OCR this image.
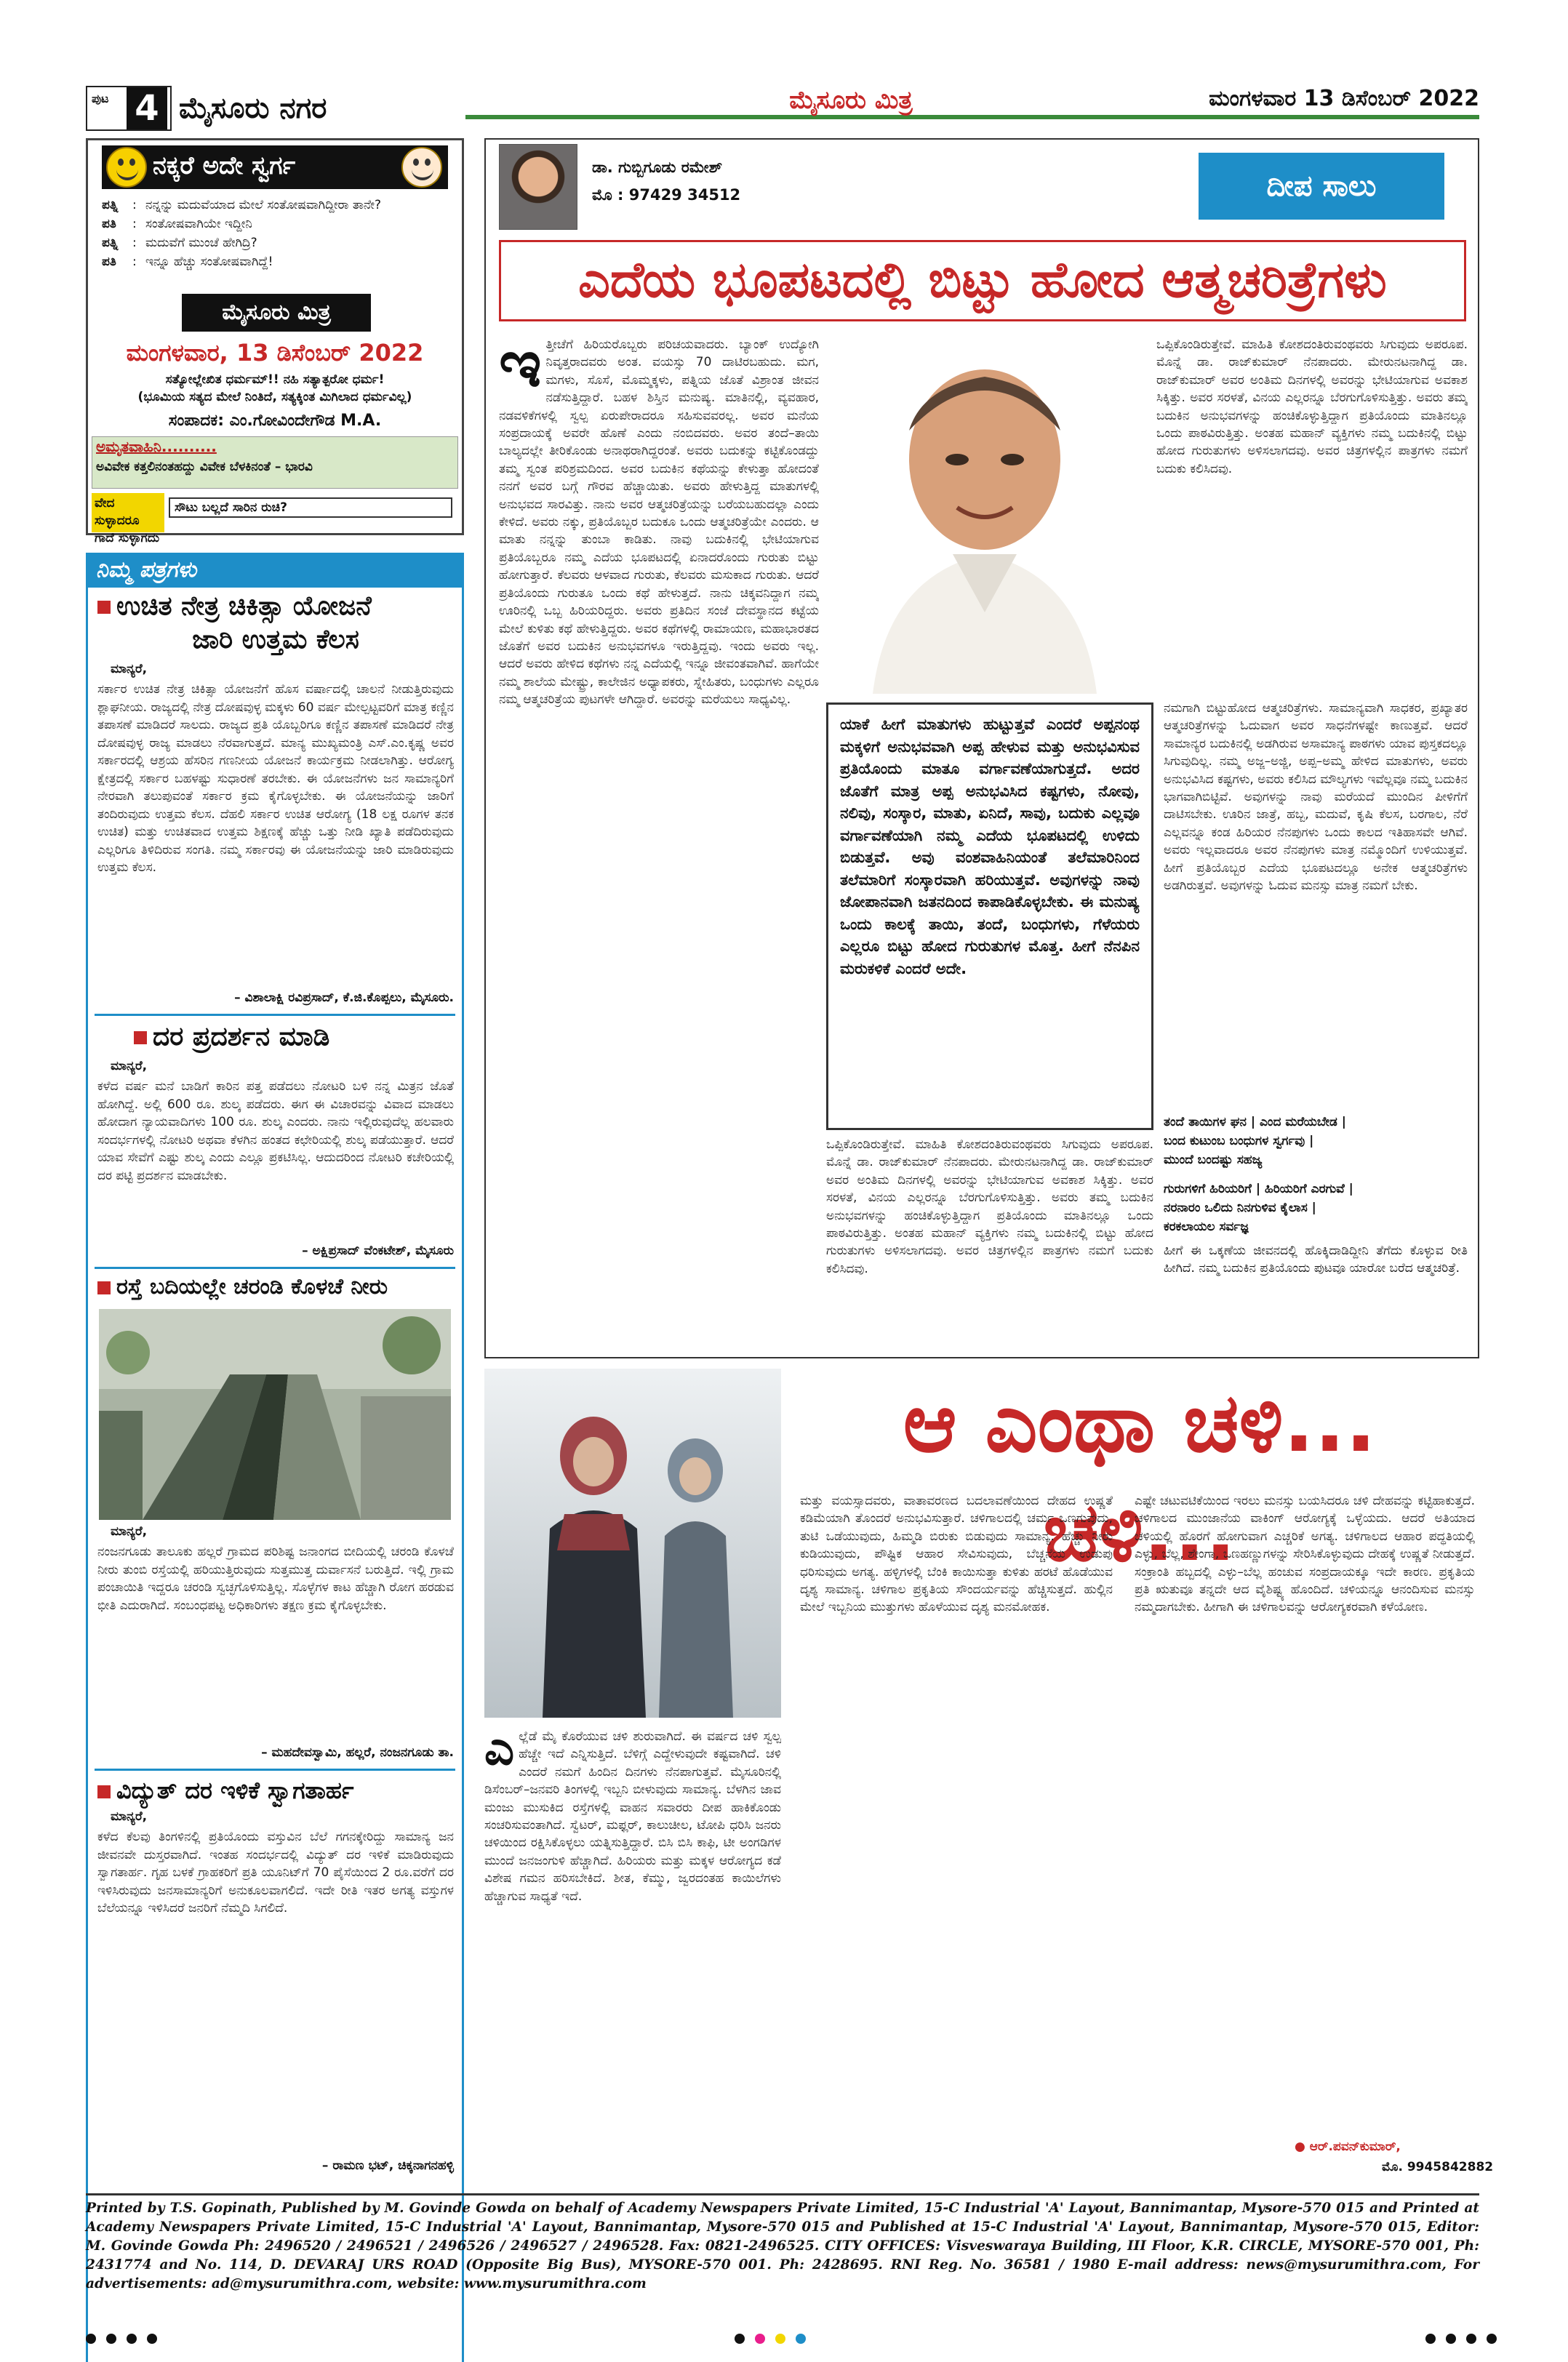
ಪುಟ 4 ಮೈಸೂರು ನಗರ	ಮೈಸೂರು ಮಿತ್ರ	ಮಂಗಳವಾರ 13 ಡಿಸೆಂಬರ್ 2022
ನಕ್ಕರೆ ಅದೇ ಸ್ವರ್ಗ
ಪತ್ನಿ : ನನ್ನನ್ನು ಮದುವೆಯಾದ ಮೇಲೆ ಸಂತೋಷವಾಗಿದ್ದೀರಾ ತಾನೇ?
ಪತಿ : ಸಂತೋಷವಾಗಿಯೇ ಇದ್ದೀನಿ
ಪತ್ನಿ : ಮದುವೆಗೆ ಮುಂಚೆ ಹೇಗಿದ್ರಿ?
ಪತಿ : ಇನ್ನೂ ಹೆಚ್ಚು ಸಂತೋಷವಾಗಿದ್ದೆ!
ಮೈಸೂರು ಮಿತ್ರ
ಮಂಗಳವಾರ, 13 ಡಿಸೆಂಬರ್ 2022
ಸತ್ಯೋಲ್ಲೇಖಿತ ಧರ್ಮಮ್!! ನಹಿ ಸತ್ಯಾತ್ಪರೋ ಧರ್ಮ!
(ಭೂಮಿಯ ಸತ್ಯದ ಮೇಲೆ ನಿಂತಿದೆ, ಸತ್ಯಕ್ಕಿಂತ ಮಿಗಿಲಾದ ಧರ್ಮವಿಲ್ಲ)
ಸಂಪಾದಕ: ಎಂ.ಗೋವಿಂದೇಗೌಡ M.A.
ಅಮೃತವಾಹಿನಿ..........
ಅವಿವೇಕ ಕತ್ತಲಿನಂತಹದ್ದು ವಿವೇಕ ಬೆಳಕಿನಂತೆ – ಭಾರವಿ
ವೇದ ಸುಳ್ಳಾದರೂ ಗಾದೆ ಸುಳ್ಳಾಗದು
ಸೌಟು ಬಲ್ಲದೆ ಸಾರಿನ ರುಚಿ?
ನಿಮ್ಮ ಪತ್ರಗಳು
ಉಚಿತ ನೇತ್ರ ಚಿಕಿತ್ಸಾ ಯೋಜನೆ
ಜಾರಿ ಉತ್ತಮ ಕೆಲಸ
ಮಾನ್ಯರೆ,
ಸರ್ಕಾರ ಉಚಿತ ನೇತ್ರ ಚಿಕಿತ್ಸಾ ಯೋಜನೆಗೆ ಹೊಸ ವರ್ಷಾದಲ್ಲಿ ಚಾಲನೆ ನೀಡುತ್ತಿರುವುದು ಶ್ಲಾಘನೀಯ. ರಾಜ್ಯದಲ್ಲಿ ನೇತ್ರ ದೋಷವುಳ್ಳ ಮಕ್ಕಳು 60 ವರ್ಷ ಮೇಲ್ಪಟ್ಟವರಿಗೆ ಮಾತ್ರ ಕಣ್ಣಿನ ತಪಾಸಣೆ ಮಾಡಿದರೆ ಸಾಲದು. ರಾಜ್ಯದ ಪ್ರತಿ ಯೊಬ್ಬರಿಗೂ ಕಣ್ಣಿನ ತಪಾಸಣೆ ಮಾಡಿದರೆ ನೇತ್ರ ದೋಷವುಳ್ಳ ರಾಜ್ಯ ಮಾಡಲು ನೆರವಾಗುತ್ತದೆ. ಮಾನ್ಯ ಮುಖ್ಯಮಂತ್ರಿ ಎಸ್.ಎಂ.ಕೃಷ್ಣ ಅವರ ಸರ್ಕಾರದಲ್ಲಿ ಆಶ್ರಯ ಹೆಸರಿನ ಗಣನೀಯ ಯೋಜನೆ ಕಾರ್ಯಕ್ರಮ ನೀಡಲಾಗಿತ್ತು. ಆರೋಗ್ಯ ಕ್ಷೇತ್ರದಲ್ಲಿ ಸರ್ಕಾರ ಬಹಳಷ್ಟು ಸುಧಾರಣೆ ತರಬೇಕು. ಈ ಯೋಜನೆಗಳು ಜನ ಸಾಮಾನ್ಯರಿಗೆ ನೇರವಾಗಿ ತಲುಪುವಂತೆ ಸರ್ಕಾರ ಕ್ರಮ ಕೈಗೊಳ್ಳಬೇಕು. ಈ ಯೋಜನೆಯನ್ನು ಜಾರಿಗೆ ತಂದಿರುವುದು ಉತ್ತಮ ಕೆಲಸ. ದೆಹಲಿ ಸರ್ಕಾರ ಉಚಿತ ಆರೋಗ್ಯ (18 ಲಕ್ಷ ರೂಗಳ ತನಕ ಉಚಿತ) ಮತ್ತು ಉಚಿತವಾದ ಉತ್ತಮ ಶಿಕ್ಷಣಕ್ಕೆ ಹೆಚ್ಚು ಒತ್ತು ನೀಡಿ ಖ್ಯಾತಿ ಪಡೆದಿರುವುದು ಎಲ್ಲರಿಗೂ ತಿಳಿದಿರುವ ಸಂಗತಿ. ನಮ್ಮ ಸರ್ಕಾರವು ಈ ಯೋಜನೆಯನ್ನು ಜಾರಿ ಮಾಡಿರುವುದು ಉತ್ತಮ ಕೆಲಸ.
– ವಿಶಾಲಾಕ್ಷಿ ರವಿಪ್ರಸಾದ್, ಕೆ.ಜಿ.ಕೊಪ್ಪಲು, ಮೈಸೂರು.
ದರ ಪ್ರದರ್ಶನ ಮಾಡಿ
ಮಾನ್ಯರೆ,
ಕಳೆದ ವರ್ಷ ಮನೆ ಬಾಡಿಗೆ ಕಾರಿನ ಪತ್ತ ಪಡೆದಲು ನೋಟರಿ ಬಳಿ ನನ್ನ ಮಿತ್ರನ ಜೊತೆ ಹೋಗಿದ್ದೆ. ಅಲ್ಲಿ 600 ರೂ. ಶುಲ್ಕ ಪಡೆದರು. ಈಗ ಈ ವಿಚಾರವನ್ನು ವಿವಾದ ಮಾಡಲು ಹೋದಾಗ ನ್ಯಾಯವಾದಿಗಳು 100 ರೂ. ಶುಲ್ಕ ಎಂದರು. ನಾನು ಇಲ್ಲಿರುವುದೆಲ್ಲ ಹಲವಾರು ಸಂದರ್ಭಗಳಲ್ಲಿ ನೋಟರಿ ಅಥವಾ ಕೆಳಗಿನ ಹಂತದ ಕಛೇರಿಯಲ್ಲಿ ಶುಲ್ಕ ಪಡೆಯುತ್ತಾರೆ. ಆದರೆ ಯಾವ ಸೇವೆಗೆ ಎಷ್ಟು ಶುಲ್ಕ ಎಂದು ಎಲ್ಲೂ ಪ್ರಕಟಿಸಿಲ್ಲ. ಆದುದರಿಂದ ನೋಟರಿ ಕಚೇರಿಯಲ್ಲಿ ದರ ಪಟ್ಟಿ ಪ್ರದರ್ಶನ ಮಾಡಬೇಕು.
– ಅಕ್ಷಿಪ್ರಸಾದ್ ವೆಂಕಟೇಶ್, ಮೈಸೂರು
ರಸ್ತೆ ಬದಿಯಲ್ಲೇ ಚರಂಡಿ ಕೊಳಚೆ ನೀರು
ಮಾನ್ಯರೆ,
ನಂಜನಗೂಡು ತಾಲೂಕು ಹಲ್ಲರೆ ಗ್ರಾಮದ ಪರಿಶಿಷ್ಟ ಜನಾಂಗದ ಬೀದಿಯಲ್ಲಿ ಚರಂಡಿ ಕೊಳಚೆ ನೀರು ತುಂಬಿ ರಸ್ತೆಯಲ್ಲಿ ಹರಿಯುತ್ತಿರುವುದು ಸುತ್ತಮುತ್ತ ದುರ್ವಾಸನೆ ಬರುತ್ತಿದೆ. ಇಲ್ಲಿ ಗ್ರಾಮ ಪಂಚಾಯಿತಿ ಇದ್ದರೂ ಚರಂಡಿ ಸ್ವಚ್ಛಗೊಳಿಸುತ್ತಿಲ್ಲ. ಸೊಳ್ಳೆಗಳ ಕಾಟ ಹೆಚ್ಚಾಗಿ ರೋಗ ಹರಡುವ ಭೀತಿ ಎದುರಾಗಿದೆ. ಸಂಬಂಧಪಟ್ಟ ಅಧಿಕಾರಿಗಳು ತಕ್ಷಣ ಕ್ರಮ ಕೈಗೊಳ್ಳಬೇಕು.
– ಮಹದೇವಸ್ವಾಮಿ, ಹಲ್ಲರೆ, ನಂಜನಗೂಡು ತಾ.
ವಿದ್ಯುತ್ ದರ ಇಳಿಕೆ ಸ್ವಾಗತಾರ್ಹ
ಮಾನ್ಯರೆ,
ಕಳೆದ ಕೆಲವು ತಿಂಗಳಿನಲ್ಲಿ ಪ್ರತಿಯೊಂದು ವಸ್ತುವಿನ ಬೆಲೆ ಗಗನಕ್ಕೇರಿದ್ದು ಸಾಮಾನ್ಯ ಜನ ಜೀವನವೇ ದುಸ್ತರವಾಗಿದೆ. ಇಂತಹ ಸಂದರ್ಭದಲ್ಲಿ ವಿದ್ಯುತ್ ದರ ಇಳಿಕೆ ಮಾಡಿರುವುದು ಸ್ವಾಗತಾರ್ಹ. ಗೃಹ ಬಳಕೆ ಗ್ರಾಹಕರಿಗೆ ಪ್ರತಿ ಯೂನಿಟ್‌ಗೆ 70 ಪೈಸೆಯಿಂದ 2 ರೂ.ವರೆಗೆ ದರ ಇಳಿಸಿರುವುದು ಜನಸಾಮಾನ್ಯರಿಗೆ ಅನುಕೂಲವಾಗಲಿದೆ. ಇದೇ ರೀತಿ ಇತರ ಅಗತ್ಯ ವಸ್ತುಗಳ ಬೆಲೆಯನ್ನೂ ಇಳಿಸಿದರೆ ಜನರಿಗೆ ನೆಮ್ಮದಿ ಸಿಗಲಿದೆ.
– ರಾಮಣ ಭಟ್, ಚಿಕ್ಕನಾಗನಹಳ್ಳಿ
ಡಾ. ಗುಬ್ಬಿಗೂಡು ರಮೇಶ್
ಮೊ : 97429 34512	ದೀಪ ಸಾಲು
ಎದೆಯ ಭೂಪಟದಲ್ಲಿ ಬಿಟ್ಟು ಹೋದ ಆತ್ಮಚರಿತ್ರೆಗಳು
ಇತ್ತೀಚೆಗೆ ಹಿರಿಯರೊಬ್ಬರು ಪರಿಚಯವಾದರು. ಬ್ಯಾಂಕ್ ಉದ್ಯೋಗಿ ನಿವೃತ್ತರಾದವರು ಅಂತ. ವಯಸ್ಸು 70 ದಾಟಿರಬಹುದು. ಮಗ, ಮಗಳು, ಸೊಸೆ, ಮೊಮ್ಮಕ್ಕಳು, ಪತ್ನಿಯ ಜೊತೆ ವಿಶ್ರಾಂತ ಜೀವನ ನಡೆಸುತ್ತಿದ್ದಾರೆ. ಬಹಳ ಶಿಸ್ತಿನ ಮನುಷ್ಯ. ಮಾತಿನಲ್ಲಿ, ವ್ಯವಹಾರ, ನಡವಳಿಕೆಗಳಲ್ಲಿ ಸ್ವಲ್ಪ ಏರುಪೇರಾದರೂ ಸಹಿಸುವವರಲ್ಲ. ಅವರ ಮನೆಯ ಸಂಪ್ರದಾಯಕ್ಕೆ ಅವರೇ ಹೊಣೆ ಎಂದು ನಂಬಿದವರು. ಅವರ ತಂದೆ–ತಾಯಿ ಬಾಲ್ಯದಲ್ಲೇ ತೀರಿಕೊಂಡು ಅನಾಥರಾಗಿದ್ದರಂತೆ. ಅವರು ಬದುಕನ್ನು ಕಟ್ಟಿಕೊಂಡದ್ದು ತಮ್ಮ ಸ್ವಂತ ಪರಿಶ್ರಮದಿಂದ. ಅವರ ಬದುಕಿನ ಕಥೆಯನ್ನು ಕೇಳುತ್ತಾ ಹೋದಂತೆ ನನಗೆ ಅವರ ಬಗ್ಗೆ ಗೌರವ ಹೆಚ್ಚಾಯಿತು. ಅವರು ಹೇಳುತ್ತಿದ್ದ ಮಾತುಗಳಲ್ಲಿ ಅನುಭವದ ಸಾರವಿತ್ತು. ನಾನು ಅವರ ಆತ್ಮಚರಿತ್ರೆಯನ್ನು ಬರೆಯಬಹುದಲ್ಲಾ ಎಂದು ಕೇಳಿದೆ. ಅವರು ನಕ್ಕು, ಪ್ರತಿಯೊಬ್ಬರ ಬದುಕೂ ಒಂದು ಆತ್ಮಚರಿತ್ರೆಯೇ ಎಂದರು. ಆ ಮಾತು ನನ್ನನ್ನು ತುಂಬಾ ಕಾಡಿತು. ನಾವು ಬದುಕಿನಲ್ಲಿ ಭೇಟಿಯಾಗುವ ಪ್ರತಿಯೊಬ್ಬರೂ ನಮ್ಮ ಎದೆಯ ಭೂಪಟದಲ್ಲಿ ಏನಾದರೊಂದು ಗುರುತು ಬಿಟ್ಟು ಹೋಗುತ್ತಾರೆ. ಕೆಲವರು ಆಳವಾದ ಗುರುತು, ಕೆಲವರು ಮಸುಕಾದ ಗುರುತು. ಆದರೆ ಪ್ರತಿಯೊಂದು ಗುರುತೂ ಒಂದು ಕಥೆ ಹೇಳುತ್ತದೆ. ನಾನು ಚಿಕ್ಕವನಿದ್ದಾಗ ನಮ್ಮ ಊರಿನಲ್ಲಿ ಒಬ್ಬ ಹಿರಿಯರಿದ್ದರು. ಅವರು ಪ್ರತಿದಿನ ಸಂಜೆ ದೇವಸ್ಥಾನದ ಕಟ್ಟೆಯ ಮೇಲೆ ಕುಳಿತು ಕಥೆ ಹೇಳುತ್ತಿದ್ದರು. ಅವರ ಕಥೆಗಳಲ್ಲಿ ರಾಮಾಯಣ, ಮಹಾಭಾರತದ ಜೊತೆಗೆ ಅವರ ಬದುಕಿನ ಅನುಭವಗಳೂ ಇರುತ್ತಿದ್ದವು. ಇಂದು ಅವರು ಇಲ್ಲ. ಆದರೆ ಅವರು ಹೇಳಿದ ಕಥೆಗಳು ನನ್ನ ಎದೆಯಲ್ಲಿ ಇನ್ನೂ ಜೀವಂತವಾಗಿವೆ. ಹಾಗೆಯೇ ನಮ್ಮ ಶಾಲೆಯ ಮೇಷ್ಟ್ರು, ಕಾಲೇಜಿನ ಅಧ್ಯಾಪಕರು, ಸ್ನೇಹಿತರು, ಬಂಧುಗಳು ಎಲ್ಲರೂ ನಮ್ಮ ಆತ್ಮಚರಿತ್ರೆಯ ಪುಟಗಳೇ ಆಗಿದ್ದಾರೆ. ಅವರನ್ನು ಮರೆಯಲು ಸಾಧ್ಯವಿಲ್ಲ.
ಒಪ್ಪಿಕೊಂಡಿರುತ್ತೇವೆ. ಮಾಹಿತಿ ಕೋಶದಂತಿರುವಂಥವರು ಸಿಗುವುದು ಅಪರೂಪ. ಮೊನ್ನೆ ಡಾ. ರಾಜ್‌ಕುಮಾರ್ ನೆನಪಾದರು. ಮೇರುನಟನಾಗಿದ್ದ ಡಾ. ರಾಜ್‌ಕುಮಾರ್ ಅವರ ಅಂತಿಮ ದಿನಗಳಲ್ಲಿ ಅವರನ್ನು ಭೇಟಿಯಾಗುವ ಅವಕಾಶ ಸಿಕ್ಕಿತ್ತು. ಅವರ ಸರಳತೆ, ವಿನಯ ಎಲ್ಲರನ್ನೂ ಬೆರಗುಗೊಳಿಸುತ್ತಿತ್ತು. ಅವರು ತಮ್ಮ ಬದುಕಿನ ಅನುಭವಗಳನ್ನು ಹಂಚಿಕೊಳ್ಳುತ್ತಿದ್ದಾಗ ಪ್ರತಿಯೊಂದು ಮಾತಿನಲ್ಲೂ ಒಂದು ಪಾಠವಿರುತ್ತಿತ್ತು. ಅಂತಹ ಮಹಾನ್ ವ್ಯಕ್ತಿಗಳು ನಮ್ಮ ಬದುಕಿನಲ್ಲಿ ಬಿಟ್ಟು ಹೋದ ಗುರುತುಗಳು ಅಳಿಸಲಾಗದವು. ಅವರ ಚಿತ್ರಗಳಲ್ಲಿನ ಪಾತ್ರಗಳು ನಮಗೆ ಬದುಕು ಕಲಿಸಿದವು.
ಯಾಕೆ ಹೀಗೆ ಮಾತುಗಳು ಹುಟ್ಟುತ್ತವೆ ಎಂದರೆ ಅಪ್ಪನಂಥ ಮಕ್ಕಳಿಗೆ ಅನುಭವವಾಗಿ ಅಪ್ಪ ಹೇಳುವ ಮತ್ತು ಅನುಭವಿಸುವ ಪ್ರತಿಯೊಂದು ಮಾತೂ ವರ್ಗಾವಣೆಯಾಗುತ್ತದೆ. ಅದರ ಜೊತೆಗೆ ಮಾತ್ರ ಅಪ್ಪ ಅನುಭವಿಸಿದ ಕಷ್ಟಗಳು, ನೋವು, ನಲಿವು, ಸಂಸ್ಕಾರ, ಮಾತು, ಏನಿದೆ, ಸಾವು, ಬದುಕು ಎಲ್ಲವೂ ವರ್ಗಾವಣೆಯಾಗಿ ನಮ್ಮ ಎದೆಯ ಭೂಪಟದಲ್ಲಿ ಉಳಿದು ಬಿಡುತ್ತವೆ. ಅವು ವಂಶವಾಹಿನಿಯಂತೆ ತಲೆಮಾರಿನಿಂದ ತಲೆಮಾರಿಗೆ ಸಂಸ್ಕಾರವಾಗಿ ಹರಿಯುತ್ತವೆ. ಅವುಗಳನ್ನು ನಾವು ಜೋಪಾನವಾಗಿ ಜತನದಿಂದ ಕಾಪಾಡಿಕೊಳ್ಳಬೇಕು. ಈ ಮನುಷ್ಯ ಒಂದು ಕಾಲಕ್ಕೆ ತಾಯಿ, ತಂದೆ, ಬಂಧುಗಳು, ಗೆಳೆಯರು ಎಲ್ಲರೂ ಬಿಟ್ಟು ಹೋದ ಗುರುತುಗಳ ಮೊತ್ತ. ಹೀಗೆ ನೆನಪಿನ ಮರುಕಳಿಕೆ ಎಂದರೆ ಅದೇ.
ಒಪ್ಪಿಕೊಂಡಿರುತ್ತೇವೆ. ಮಾಹಿತಿ ಕೋಶದಂತಿರುವಂಥವರು ಸಿಗುವುದು ಅಪರೂಪ. ಮೊನ್ನೆ ಡಾ. ರಾಜ್‌ಕುಮಾರ್ ನೆನಪಾದರು. ಮೇರುನಟನಾಗಿದ್ದ ಡಾ. ರಾಜ್‌ಕುಮಾರ್ ಅವರ ಅಂತಿಮ ದಿನಗಳಲ್ಲಿ ಅವರನ್ನು ಭೇಟಿಯಾಗುವ ಅವಕಾಶ ಸಿಕ್ಕಿತ್ತು. ಅವರ ಸರಳತೆ, ವಿನಯ ಎಲ್ಲರನ್ನೂ ಬೆರಗುಗೊಳಿಸುತ್ತಿತ್ತು. ಅವರು ತಮ್ಮ ಬದುಕಿನ ಅನುಭವಗಳನ್ನು ಹಂಚಿಕೊಳ್ಳುತ್ತಿದ್ದಾಗ ಪ್ರತಿಯೊಂದು ಮಾತಿನಲ್ಲೂ ಒಂದು ಪಾಠವಿರುತ್ತಿತ್ತು. ಅಂತಹ ಮಹಾನ್ ವ್ಯಕ್ತಿಗಳು ನಮ್ಮ ಬದುಕಿನಲ್ಲಿ ಬಿಟ್ಟು ಹೋದ ಗುರುತುಗಳು ಅಳಿಸಲಾಗದವು. ಅವರ ಚಿತ್ರಗಳಲ್ಲಿನ ಪಾತ್ರಗಳು ನಮಗೆ ಬದುಕು ಕಲಿಸಿದವು.
ನಮಗಾಗಿ ಬಿಟ್ಟುಹೋದ ಆತ್ಮಚರಿತ್ರೆಗಳು. ಸಾಮಾನ್ಯವಾಗಿ ಸಾಧಕರ, ಪ್ರಖ್ಯಾತರ ಆತ್ಮಚರಿತ್ರೆಗಳನ್ನು ಓದುವಾಗ ಅವರ ಸಾಧನೆಗಳಷ್ಟೇ ಕಾಣುತ್ತವೆ. ಆದರೆ ಸಾಮಾನ್ಯರ ಬದುಕಿನಲ್ಲಿ ಅಡಗಿರುವ ಅಸಾಮಾನ್ಯ ಪಾಠಗಳು ಯಾವ ಪುಸ್ತಕದಲ್ಲೂ ಸಿಗುವುದಿಲ್ಲ. ನಮ್ಮ ಅಜ್ಜ–ಅಜ್ಜಿ, ಅಪ್ಪ–ಅಮ್ಮ ಹೇಳಿದ ಮಾತುಗಳು, ಅವರು ಅನುಭವಿಸಿದ ಕಷ್ಟಗಳು, ಅವರು ಕಲಿಸಿದ ಮೌಲ್ಯಗಳು ಇವೆಲ್ಲವೂ ನಮ್ಮ ಬದುಕಿನ ಭಾಗವಾಗಿಬಿಟ್ಟಿವೆ. ಅವುಗಳನ್ನು ನಾವು ಮರೆಯದೆ ಮುಂದಿನ ಪೀಳಿಗೆಗೆ ದಾಟಿಸಬೇಕು. ಊರಿನ ಜಾತ್ರೆ, ಹಬ್ಬ, ಮದುವೆ, ಕೃಷಿ ಕೆಲಸ, ಬರಗಾಲ, ನೆರೆ ಎಲ್ಲವನ್ನೂ ಕಂಡ ಹಿರಿಯರ ನೆನಪುಗಳು ಒಂದು ಕಾಲದ ಇತಿಹಾಸವೇ ಆಗಿವೆ. ಅವರು ಇಲ್ಲವಾದರೂ ಅವರ ನೆನಪುಗಳು ಮಾತ್ರ ನಮ್ಮೊಂದಿಗೆ ಉಳಿಯುತ್ತವೆ. ಹೀಗೆ ಪ್ರತಿಯೊಬ್ಬರ ಎದೆಯ ಭೂಪಟದಲ್ಲೂ ಅನೇಕ ಆತ್ಮಚರಿತ್ರೆಗಳು ಅಡಗಿರುತ್ತವೆ. ಅವುಗಳನ್ನು ಓದುವ ಮನಸ್ಸು ಮಾತ್ರ ನಮಗೆ ಬೇಕು.
ತಂದೆ ತಾಯಿಗಳ ಘನ | ಎಂದ ಮರೆಯಬೇಡ |
ಬಂದ ಕುಟುಂಬ ಬಂಧುಗಳ ಸ್ವರ್ಗವು |
ಮುಂದೆ ಬಂದಷ್ಟು ಸಹಜ್ಯ
ಗುರುಗಳಿಗೆ ಹಿರಿಯರಿಗೆ | ಹಿರಿಯರಿಗೆ ಎರಗುವೆ |
ನರನಾರಂ ಒಲಿದು ನಿನಗುಳಿವ ಕೈಲಾಸ |
ಕರಕಲಾಯಲ ಸರ್ವಜ್ಞ
ಹೀಗೆ ಈ ಒಕ್ಕಣೆಯ ಜೀವನದಲ್ಲಿ ಹೊಕ್ಕಿದಾಡಿದ್ದೀನಿ ತೆಗೆದು ಕೊಳ್ಳುವ ರೀತಿ ಹೀಗಿದೆ. ನಮ್ಮ ಬದುಕಿನ ಪ್ರತಿಯೊಂದು ಪುಟವೂ ಯಾರೋ ಬರೆದ ಆತ್ಮಚರಿತ್ರೆ.
ಆ ಎಂಥಾ ಚಳಿ... ಚಳಿ...
ಎಲ್ಲೆಡೆ ಮೈ ಕೊರೆಯುವ ಚಳಿ ಶುರುವಾಗಿದೆ. ಈ ವರ್ಷದ ಚಳಿ ಸ್ವಲ್ಪ ಹೆಚ್ಚೇ ಇದೆ ಎನ್ನಿಸುತ್ತಿದೆ. ಬೆಳಿಗ್ಗೆ ಎದ್ದೇಳುವುದೇ ಕಷ್ಟವಾಗಿದೆ. ಚಳಿ ಎಂದರೆ ನಮಗೆ ಹಿಂದಿನ ದಿನಗಳು ನೆನಪಾಗುತ್ತವೆ. ಮೈಸೂರಿನಲ್ಲಿ ಡಿಸೆಂಬರ್–ಜನವರಿ ತಿಂಗಳಲ್ಲಿ ಇಬ್ಬನಿ ಬೀಳುವುದು ಸಾಮಾನ್ಯ. ಬೆಳಗಿನ ಜಾವ ಮಂಜು ಮುಸುಕಿದ ರಸ್ತೆಗಳಲ್ಲಿ ವಾಹನ ಸವಾರರು ದೀಪ ಹಾಕಿಕೊಂಡು ಸಂಚರಿಸುವಂತಾಗಿದೆ. ಸ್ವೆಟರ್, ಮಫ್ಲರ್, ಕಾಲುಚೀಲ, ಟೋಪಿ ಧರಿಸಿ ಜನರು ಚಳಿಯಿಂದ ರಕ್ಷಿಸಿಕೊಳ್ಳಲು ಯತ್ನಿಸುತ್ತಿದ್ದಾರೆ. ಬಿಸಿ ಬಿಸಿ ಕಾಫಿ, ಟೀ ಅಂಗಡಿಗಳ ಮುಂದೆ ಜನಜಂಗುಳಿ ಹೆಚ್ಚಾಗಿದೆ. ಹಿರಿಯರು ಮತ್ತು ಮಕ್ಕಳ ಆರೋಗ್ಯದ ಕಡೆ ವಿಶೇಷ ಗಮನ ಹರಿಸಬೇಕಿದೆ. ಶೀತ, ಕೆಮ್ಮು, ಜ್ವರದಂತಹ ಕಾಯಿಲೆಗಳು ಹೆಚ್ಚಾಗುವ ಸಾಧ್ಯತೆ ಇದೆ.
ಮತ್ತು ವಯಸ್ಸಾದವರು, ವಾತಾವರಣದ ಬದಲಾವಣೆಯಿಂದ ದೇಹದ ಉಷ್ಣತೆ ಕಡಿಮೆಯಾಗಿ ತೊಂದರೆ ಅನುಭವಿಸುತ್ತಾರೆ. ಚಳಿಗಾಲದಲ್ಲಿ ಚರ್ಮ ಒಣಗುವುದು, ತುಟಿ ಒಡೆಯುವುದು, ಹಿಮ್ಮಡಿ ಬಿರುಕು ಬಿಡುವುದು ಸಾಮಾನ್ಯ. ಹೆಚ್ಚು ನೀರು ಕುಡಿಯುವುದು, ಪೌಷ್ಟಿಕ ಆಹಾರ ಸೇವಿಸುವುದು, ಬೆಚ್ಚನೆಯ ಉಡುಪು ಧರಿಸುವುದು ಅಗತ್ಯ. ಹಳ್ಳಿಗಳಲ್ಲಿ ಬೆಂಕಿ ಕಾಯಿಸುತ್ತಾ ಕುಳಿತು ಹರಟೆ ಹೊಡೆಯುವ ದೃಶ್ಯ ಸಾಮಾನ್ಯ. ಚಳಿಗಾಲ ಪ್ರಕೃತಿಯ ಸೌಂದರ್ಯವನ್ನು ಹೆಚ್ಚಿಸುತ್ತದೆ. ಹುಲ್ಲಿನ ಮೇಲೆ ಇಬ್ಬನಿಯ ಮುತ್ತುಗಳು ಹೊಳೆಯುವ ದೃಶ್ಯ ಮನಮೋಹಕ.
ಎಷ್ಟೇ ಚಟುವಟಿಕೆಯಿಂದ ಇರಲು ಮನಸ್ಸು ಬಯಸಿದರೂ ಚಳಿ ದೇಹವನ್ನು ಕಟ್ಟಿಹಾಕುತ್ತದೆ. ಚಳಿಗಾಲದ ಮುಂಜಾನೆಯ ವಾಕಿಂಗ್ ಆರೋಗ್ಯಕ್ಕೆ ಒಳ್ಳೆಯದು. ಆದರೆ ಅತಿಯಾದ ಚಳಿಯಲ್ಲಿ ಹೊರಗೆ ಹೋಗುವಾಗ ಎಚ್ಚರಿಕೆ ಅಗತ್ಯ. ಚಳಿಗಾಲದ ಆಹಾರ ಪದ್ಧತಿಯಲ್ಲಿ ಎಳ್ಳು, ಬೆಲ್ಲ, ಶೇಂಗಾ, ಒಣಹಣ್ಣುಗಳನ್ನು ಸೇರಿಸಿಕೊಳ್ಳುವುದು ದೇಹಕ್ಕೆ ಉಷ್ಣತೆ ನೀಡುತ್ತದೆ. ಸಂಕ್ರಾಂತಿ ಹಬ್ಬದಲ್ಲಿ ಎಳ್ಳು–ಬೆಲ್ಲ ಹಂಚುವ ಸಂಪ್ರದಾಯಕ್ಕೂ ಇದೇ ಕಾರಣ. ಪ್ರಕೃತಿಯ ಪ್ರತಿ ಋತುವೂ ತನ್ನದೇ ಆದ ವೈಶಿಷ್ಟ್ಯ ಹೊಂದಿದೆ. ಚಳಿಯನ್ನೂ ಆನಂದಿಸುವ ಮನಸ್ಸು ನಮ್ಮದಾಗಬೇಕು. ಹೀಗಾಗಿ ಈ ಚಳಿಗಾಲವನ್ನು ಆರೋಗ್ಯಕರವಾಗಿ ಕಳೆಯೋಣ.
● ಆರ್.ಪವನ್‌ಕುಮಾರ್,
ಮೊ. 9945842882
Printed by T.S. Gopinath, Published by M. Govinde Gowda on behalf of Academy Newspapers Private Limited, 15-C Industrial 'A' Layout, Bannimantap, Mysore-570 015 and Printed at Academy Newspapers Private Limited, 15-C Industrial 'A' Layout, Bannimantap, Mysore-570 015 and Published at 15-C Industrial 'A' Layout, Bannimantap, Mysore-570 015, Editor: M. Govinde Gowda Ph: 2496520 / 2496521 / 2496526 / 2496527 / 2496528. Fax: 0821-2496525. CITY OFFICES: Visveswaraya Building, III Floor, K.R. CIRCLE, MYSORE-570 001, Ph: 2431774 and No. 114, D. DEVARAJ URS ROAD (Opposite Big Bus), MYSORE-570 001. Ph: 2428695. RNI Reg. No. 36581 / 1980 E-mail address: news@mysurumithra.com, For advertisements: ad@mysurumithra.com, website: www.mysurumithra.com
